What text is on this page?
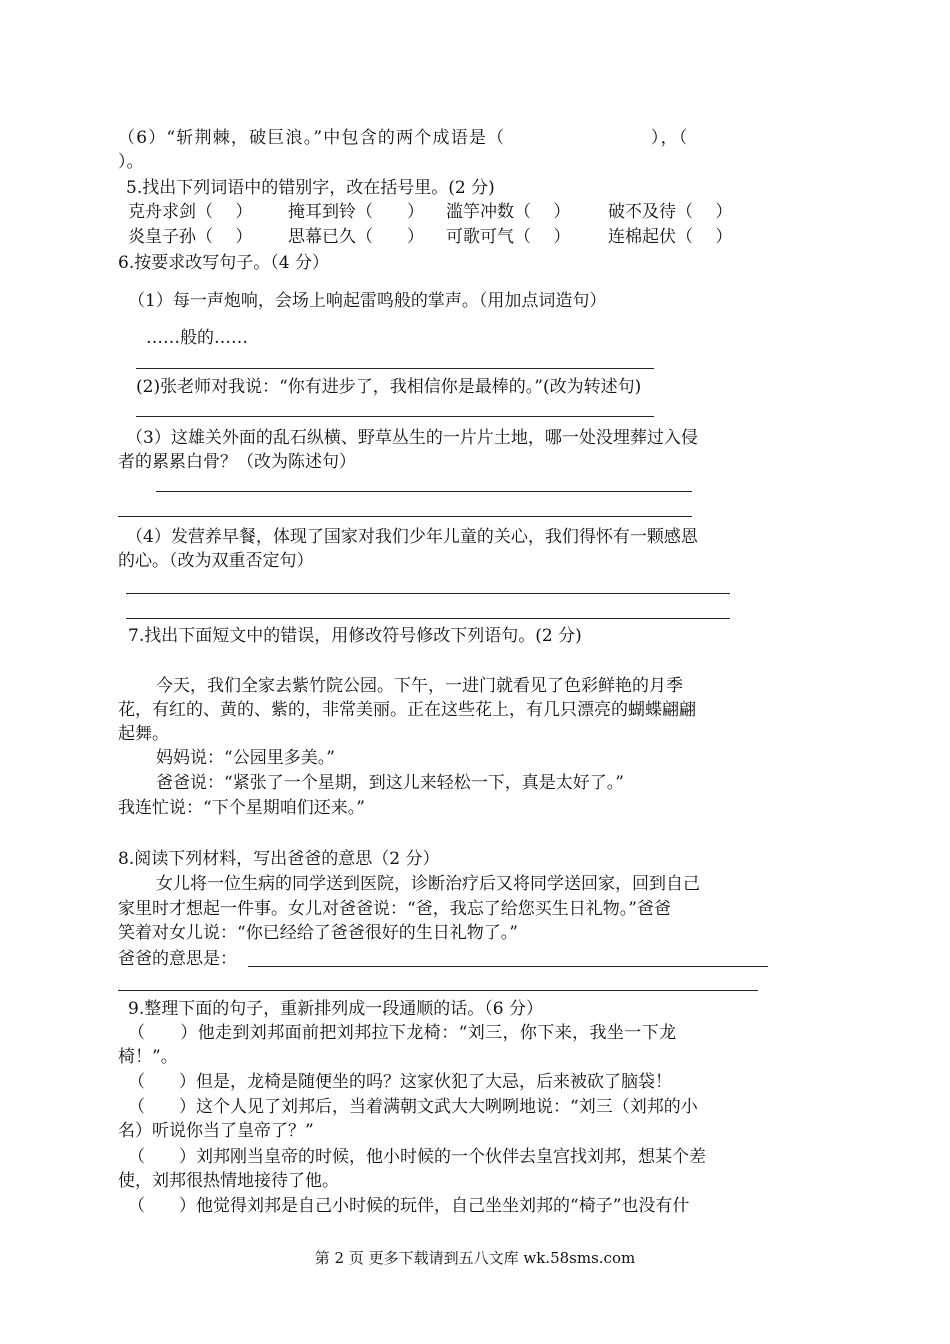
（6）“斩荆棘，破巨浪。”中包含的两个成语是（　　　　　　　　），（
）。
5.找出下列词语中的错别字，改在括号里。(2 分)
克舟求剑（　 ）	掩耳到铃（　　）	滥竽冲数（　 ）	破不及待（　 ）
炎皇子孙（　 ）	思幕已久（　　）	可歌可气（　 ）	连棉起伏（　 ）
6.按要求改写句子。（4 分）
（1）每一声炮响，会场上响起雷鸣般的掌声。（用加点词造句）
……般的……
(2)张老师对我说：“你有进步了，我相信你是最棒的。”(改为转述句)
（3）这雄关外面的乱石纵横、野草丛生的一片片土地，哪一处没埋葬过入侵
者的累累白骨？（改为陈述句）
（4）发营养早餐，体现了国家对我们少年儿童的关心，我们得怀有一颗感恩
的心。（改为双重否定句）
7.找出下面短文中的错误，用修改符号修改下列语句。(2 分)
今天，我们全家去紫竹院公园。下午，一进门就看见了色彩鲜艳的月季
花，有红的、黄的、紫的，非常美丽。正在这些花上，有几只漂亮的蝴蝶翩翩
起舞。
妈妈说：“公园里多美。”
爸爸说：“紧张了一个星期，到这儿来轻松一下，真是太好了。”
我连忙说：“下个星期咱们还来。”
8.阅读下列材料，写出爸爸的意思（2 分）
女儿将一位生病的同学送到医院，诊断治疗后又将同学送回家，回到自己
家里时才想起一件事。女儿对爸爸说：“爸，我忘了给您买生日礼物。”爸爸
笑着对女儿说：“你已经给了爸爸很好的生日礼物了。”
爸爸的意思是：
9.整理下面的句子，重新排列成一段通顺的话。（6 分）
（　　）他走到刘邦面前把刘邦拉下龙椅：“刘三，你下来，我坐一下龙
椅！”。
（　　）但是，龙椅是随便坐的吗？这家伙犯了大忌，后来被砍了脑袋！
（　　）这个人见了刘邦后，当着满朝文武大大咧咧地说：“刘三（刘邦的小
名）听说你当了皇帝了？”
（　　）刘邦刚当皇帝的时候，他小时候的一个伙伴去皇宫找刘邦，想某个差
使，刘邦很热情地接待了他。
（　　）他觉得刘邦是自己小时候的玩伴，自己坐坐刘邦的“椅子”也没有什
第 2 页 更多下载请到五八文库 wk.58sms.com
